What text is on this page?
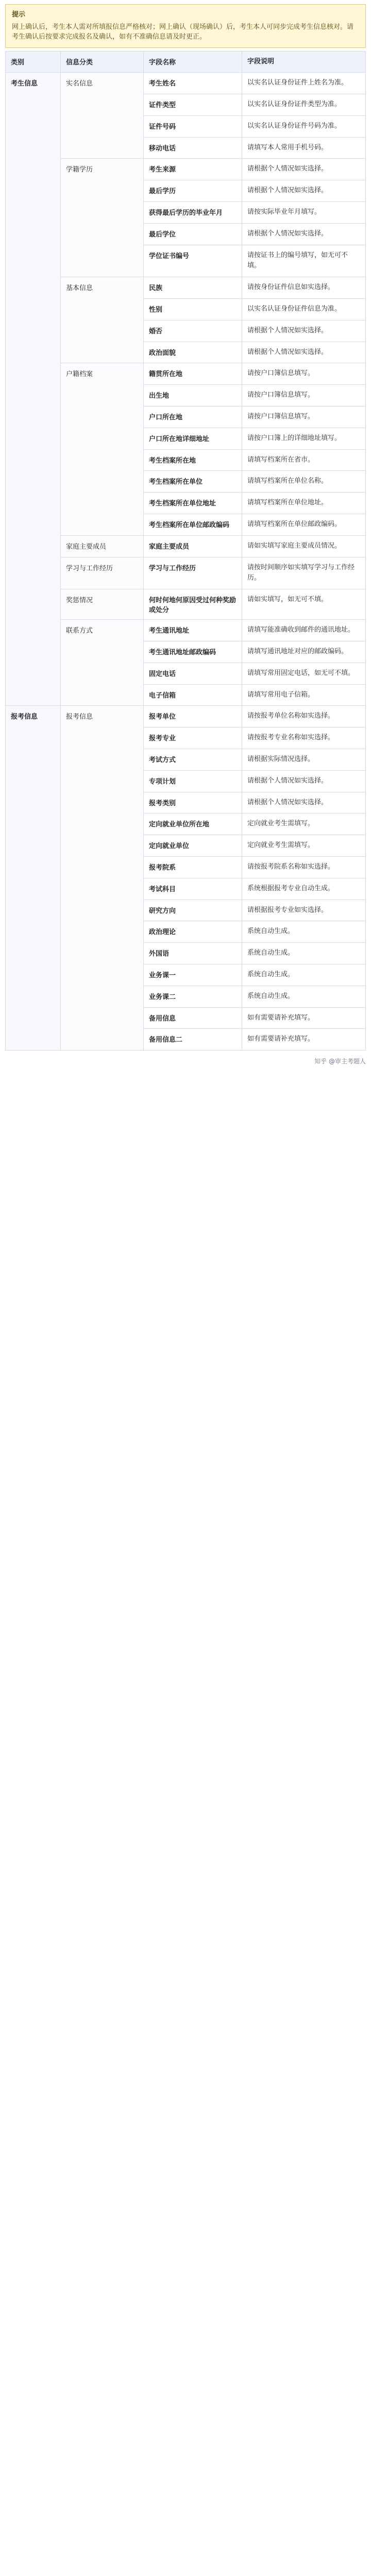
提示
网上确认后，考生本人需对所填报信息严格核对；网上确认（现场确认）后，考生本人可同步完成考生信息核对。请考生确认后按要求完成报名及确认，如有不准确信息请及时更正。
类别	信息分类	字段名称	字段说明
考生信息	实名信息	考生姓名	以实名认证身份证件上姓名为准。
		证件类型	以实名认证身份证件类型为准。
		证件号码	以实名认证身份证件号码为准。
		移动电话	请填写本人常用手机号码。
	学籍学历	考生来源	请根据个人情况如实选择。
		最后学历	请根据个人情况如实选择。
		获得最后学历的毕业年月	请按实际毕业年月填写。
		最后学位	请根据个人情况如实选择。
		学位证书编号	请按证书上的编号填写，如无可不填。
	基本信息	民族	请按身份证件信息如实选择。
		性别	以实名认证身份证件信息为准。
		婚否	请根据个人情况如实选择。
		政治面貌	请根据个人情况如实选择。
	户籍档案	籍贯所在地	请按户口簿信息填写。
		出生地	请按户口簿信息填写。
		户口所在地	请按户口簿信息填写。
		户口所在地详细地址	请按户口簿上的详细地址填写。
		考生档案所在地	请填写档案所在省市。
		考生档案所在单位	请填写档案所在单位名称。
		考生档案所在单位地址	请填写档案所在单位地址。
		考生档案所在单位邮政编码	请填写档案所在单位邮政编码。
	家庭主要成员	家庭主要成员	请如实填写家庭主要成员情况。
	学习与工作经历	学习与工作经历	请按时间顺序如实填写学习与工作经历。
	奖惩情况	何时何地何原因受过何种奖励或处分	请如实填写，如无可不填。
	联系方式	考生通讯地址	请填写能准确收到邮件的通讯地址。
		考生通讯地址邮政编码	请填写通讯地址对应的邮政编码。
		固定电话	请填写常用固定电话，如无可不填。
		电子信箱	请填写常用电子信箱。
报考信息	报考信息	报考单位	请按报考单位名称如实选择。
		报考专业	请按报考专业名称如实选择。
		考试方式	请根据实际情况选择。
		专项计划	请根据个人情况如实选择。
		报考类别	请根据个人情况如实选择。
		定向就业单位所在地	定向就业考生需填写。
		定向就业单位	定向就业考生需填写。
		报考院系	请按报考院系名称如实选择。
		考试科目	系统根据报考专业自动生成。
		研究方向	请根据报考专业如实选择。
		政治理论	系统自动生成。
		外国语	系统自动生成。
		业务课一	系统自动生成。
		业务课二	系统自动生成。
		备用信息	如有需要请补充填写。
		备用信息二	如有需要请补充填写。
知乎 @审主考题人
